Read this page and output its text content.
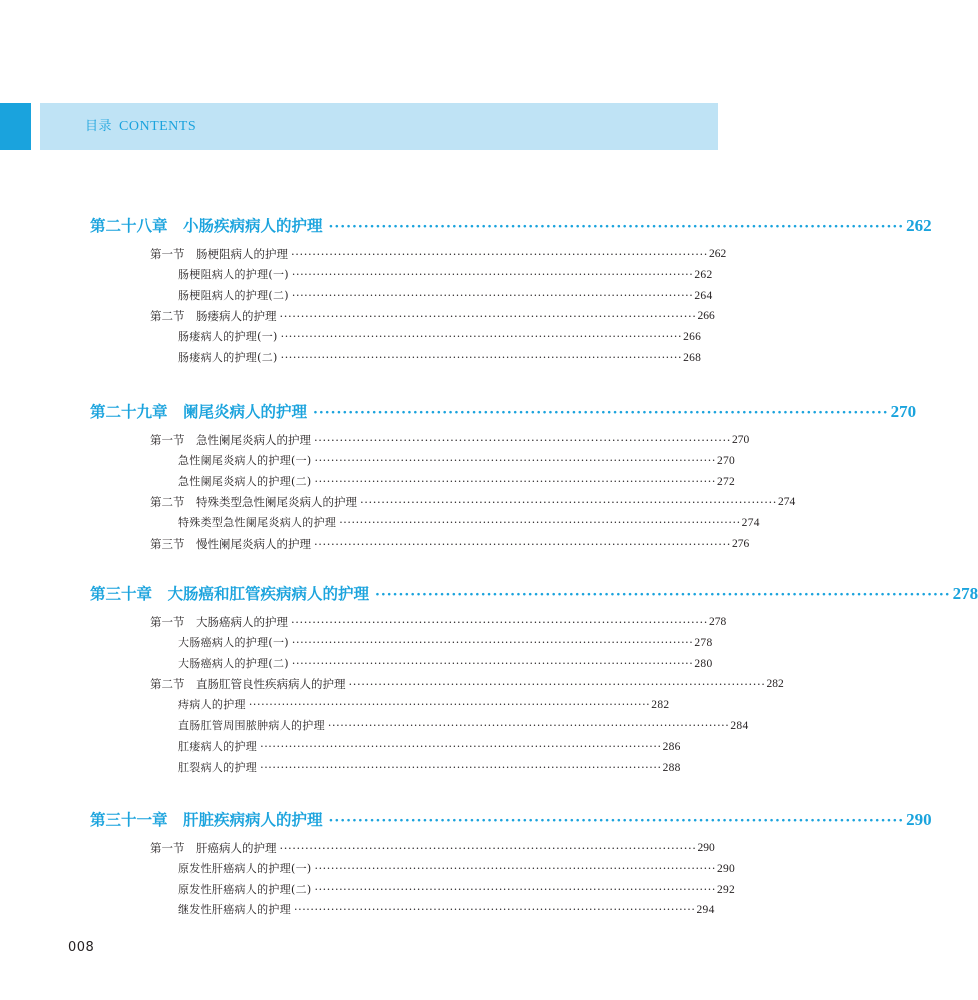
目录 CONTENTS
第二十八章　小肠疾病病人的护理 ·································································································· 262
第一节　肠梗阻病人的护理 ·································································································· 262
肠梗阻病人的护理(一) ·································································································· 262
肠梗阻病人的护理(二) ·································································································· 264
第二节　肠瘘病人的护理 ·································································································· 266
肠瘘病人的护理(一) ·································································································· 266
肠瘘病人的护理(二) ·································································································· 268
第二十九章　阑尾炎病人的护理 ·································································································· 270
第一节　急性阑尾炎病人的护理 ·································································································· 270
急性阑尾炎病人的护理(一) ·································································································· 270
急性阑尾炎病人的护理(二) ·································································································· 272
第二节　特殊类型急性阑尾炎病人的护理 ·································································································· 274
特殊类型急性阑尾炎病人的护理 ·································································································· 274
第三节　慢性阑尾炎病人的护理 ·································································································· 276
第三十章　大肠癌和肛管疾病病人的护理 ·································································································· 278
第一节　大肠癌病人的护理 ·································································································· 278
大肠癌病人的护理(一) ·································································································· 278
大肠癌病人的护理(二) ·································································································· 280
第二节　直肠肛管良性疾病病人的护理 ·································································································· 282
痔病人的护理 ·································································································· 282
直肠肛管周围脓肿病人的护理 ·································································································· 284
肛瘘病人的护理 ·································································································· 286
肛裂病人的护理 ·································································································· 288
第三十一章　肝脏疾病病人的护理 ·································································································· 290
第一节　肝癌病人的护理 ·································································································· 290
原发性肝癌病人的护理(一) ·································································································· 290
原发性肝癌病人的护理(二) ·································································································· 292
继发性肝癌病人的护理 ·································································································· 294
008
